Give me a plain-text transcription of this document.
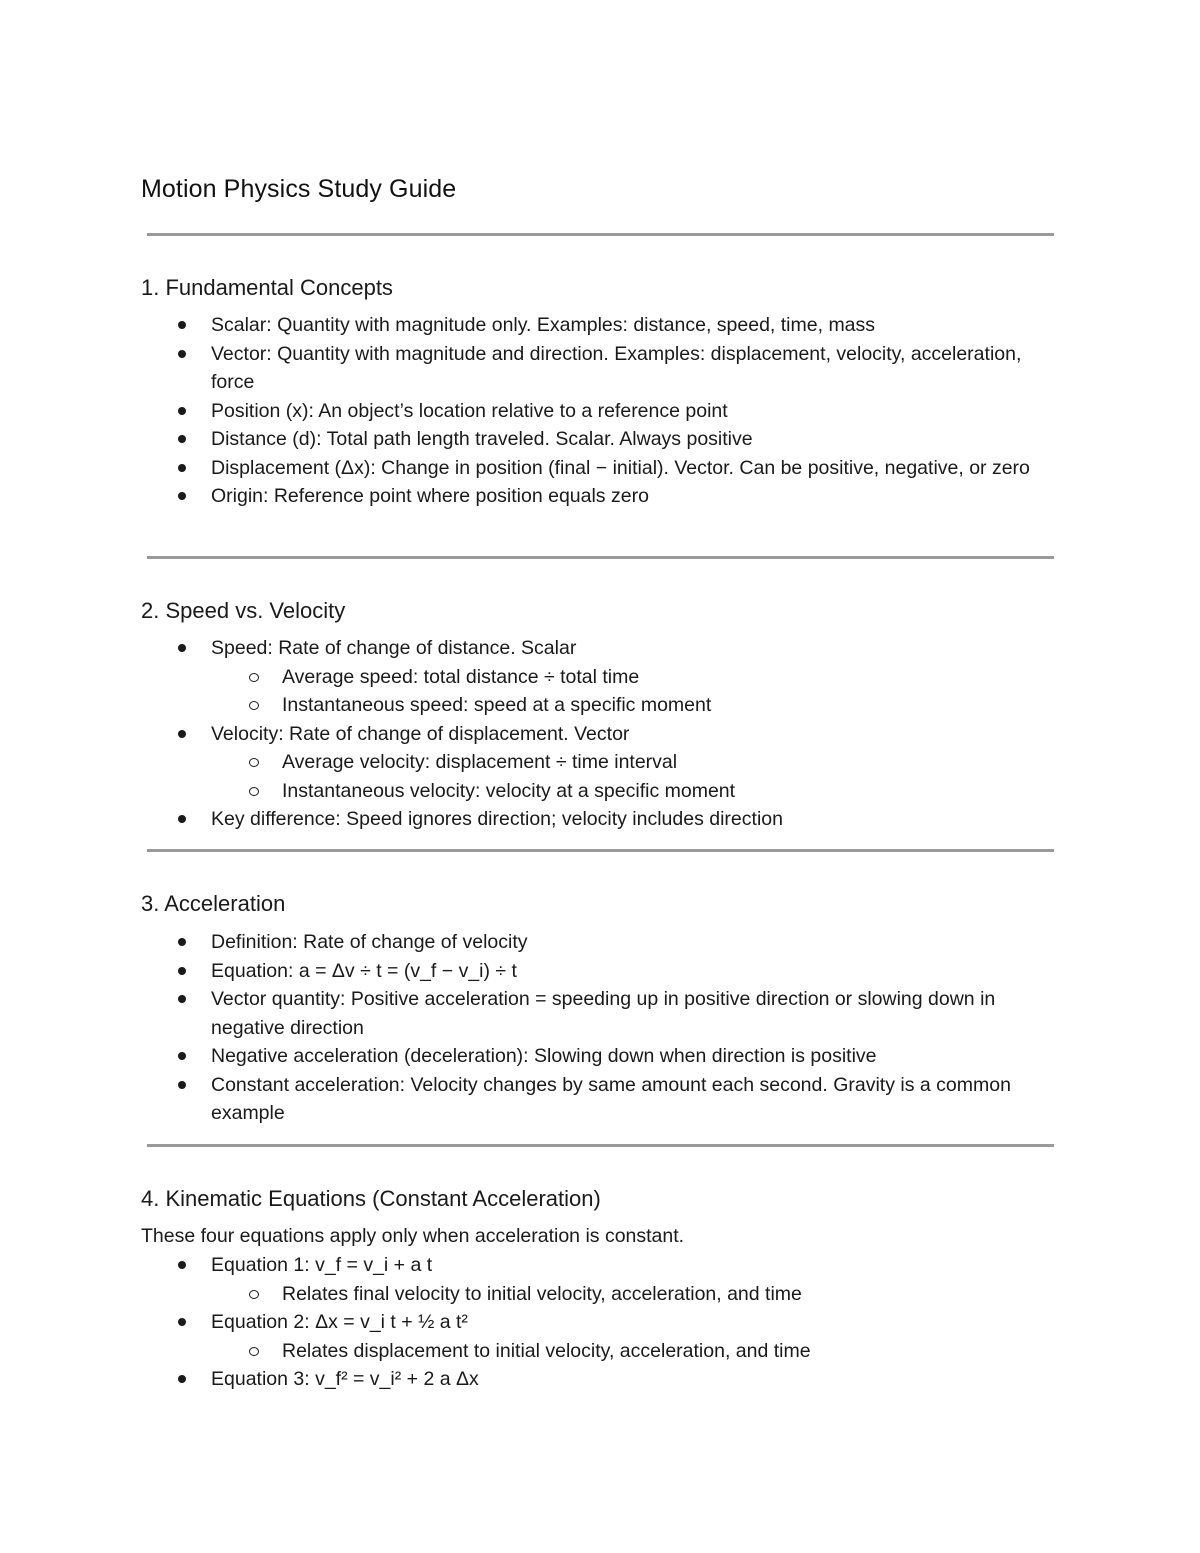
Motion Physics Study Guide
1. Fundamental Concepts
Scalar: Quantity with magnitude only. Examples: distance, speed, time, mass
Vector: Quantity with magnitude and direction. Examples: displacement, velocity, acceleration, force
Position (x): An object’s location relative to a reference point
Distance (d): Total path length traveled. Scalar. Always positive
Displacement (Δx): Change in position (final − initial). Vector. Can be positive, negative, or zero
Origin: Reference point where position equals zero
2. Speed vs. Velocity
Speed: Rate of change of distance. Scalar
Average speed: total distance ÷ total time
Instantaneous speed: speed at a specific moment
Velocity: Rate of change of displacement. Vector
Average velocity: displacement ÷ time interval
Instantaneous velocity: velocity at a specific moment
Key difference: Speed ignores direction; velocity includes direction
3. Acceleration
Definition: Rate of change of velocity
Equation: a = Δv ÷ t = (v_f − v_i) ÷ t
Vector quantity: Positive acceleration = speeding up in positive direction or slowing down in negative direction
Negative acceleration (deceleration): Slowing down when direction is positive
Constant acceleration: Velocity changes by same amount each second. Gravity is a common example
4. Kinematic Equations (Constant Acceleration)

These four equations apply only when acceleration is constant.

Equation 1: v_f = v_i + a t
Relates final velocity to initial velocity, acceleration, and time
Equation 2: Δx = v_i t + ½ a t²
Relates displacement to initial velocity, acceleration, and time
Equation 3: v_f² = v_i² + 2 a Δx
